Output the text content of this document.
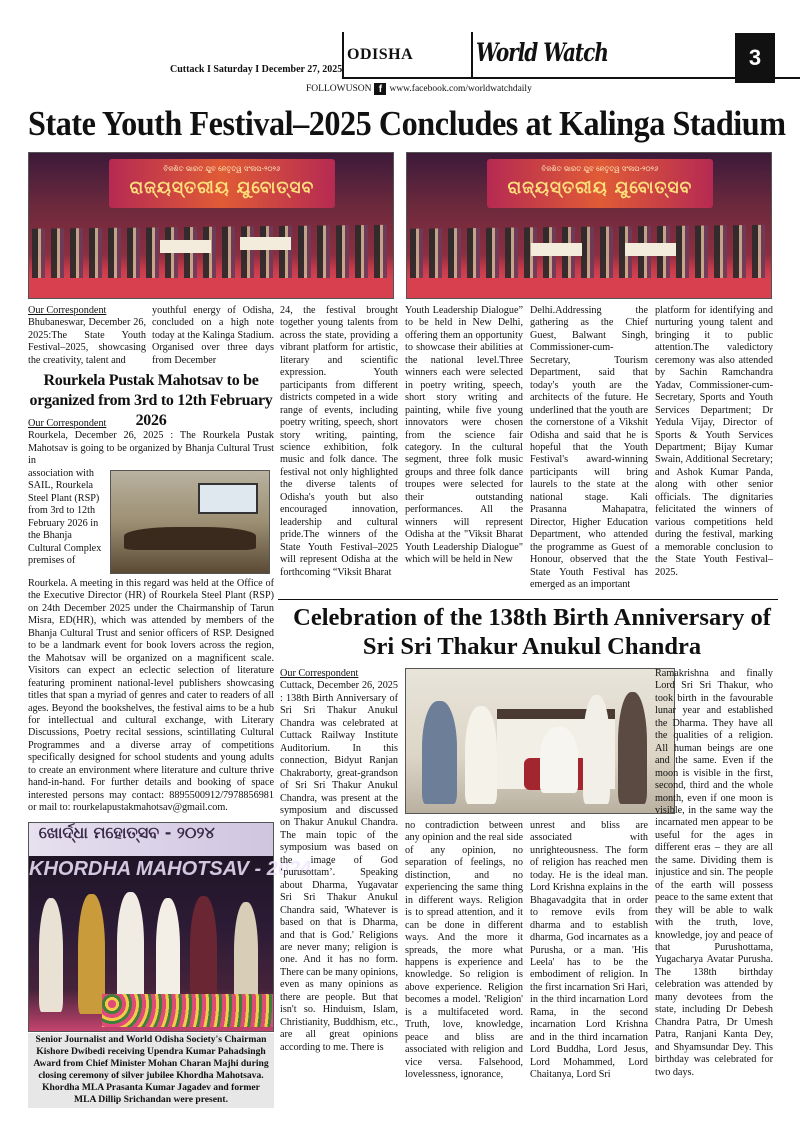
ODISHA
Cuttack I Saturday I December 27, 2025
World Watch	3
FOLLOWUSON f www.facebook.com/worldwatchdaily
State Youth Festival–2025 Concludes at Kalinga Stadium
ବିକଶିତ ଭାରତ ଯୁବ ନେତୃତ୍ୱ ସଂଳାପ-୨୦୨୬
ରାଜ୍ୟସ୍ତରୀୟ ଯୁବୋତ୍ସବ
ବିକଶିତ ଭାରତ ଯୁବ ନେତୃତ୍ୱ ସଂଳାପ-୨୦୨୬
ରାଜ୍ୟସ୍ତରୀୟ ଯୁବୋତ୍ସବ
Our Correspondent
Bhubaneswar, December 26, 2025:The State Youth Festival–2025, showcasing the creativity, talent and
youthful energy of Odisha, concluded on a high note today at the Kalinga Stadium. Organised over three days from December
24, the festival brought together young talents from across the state, providing a vibrant platform for artistic, literary and scientific expression. Youth participants from different districts competed in a wide range of events, including poetry writing, speech, short story writing, painting, science exhibition, folk music and folk dance. The festival not only highlighted the diverse talents of Odisha's youth but also encouraged innovation, leadership and cultural pride.The winners of the State Youth Festival–2025 will represent Odisha at the forthcoming “Viksit Bharat
Youth Leadership Dialogue” to be held in New Delhi, offering them an opportunity to showcase their abilities at the national level.Three winners each were selected in poetry writing, speech, short story writing and painting, while five young innovators were chosen from the science fair category. In the cultural segment, three folk music groups and three folk dance troupes were selected for their outstanding performances. All the winners will represent Odisha at the "Viksit Bharat Youth Leadership Dialogue" which will be held in New
Delhi.Addressing the gathering as the Chief Guest, Balwant Singh, Commissioner-cum-Secretary, Tourism Department, said that today's youth are the architects of the future. He underlined that the youth are the cornerstone of a Vikshit Odisha and said that he is hopeful that the Youth Festival's award-winning participants will bring laurels to the state at the national stage. Kali Prasanna Mahapatra, Director, Higher Education Department, who attended the programme as Guest of Honour, observed that the State Youth Festival has emerged as an important
platform for identifying and nurturing young talent and bringing it to public attention.The valedictory ceremony was also attended by Sachin Ramchandra Yadav, Commissioner-cum-Secretary, Sports and Youth Services Department; Dr Yedula Vijay, Director of Sports & Youth Services Department; Bijay Kumar Swain, Additional Secretary; and Ashok Kumar Panda, along with other senior officials. The dignitaries felicitated the winners of various competitions held during the festival, marking a memorable conclusion to the State Youth Festival–2025.
Rourkela Pustak Mahotsav to be organized from 3rd to 12th February 2026
Our Correspondent
Rourkela, December 26, 2025 : The Rourkela Pustak Mahotsav is going to be organized by Bhanja Cultural Trust in
association with SAIL, Rourkela Steel Plant (RSP) from 3rd to 12th February 2026 in the Bhanja Cultural Complex premises of
Rourkela. A meeting in this regard was held at the Office of the Executive Director (HR) of Rourkela Steel Plant (RSP) on 24th December 2025 under the Chairmanship of Tarun Misra, ED(HR), which was attended by members of the Bhanja Cultural Trust and senior officers of RSP. Designed to be a landmark event for book lovers across the region, the Mahotsav will be organized on a magnificent scale. Visitors can expect an eclectic selection of literature featuring prominent national-level publishers showcasing titles that span a myriad of genres and cater to readers of all ages. Beyond the bookshelves, the festival aims to be a hub for intellectual and cultural exchange, with Literary Discussions, Poetry recital sessions, scintillating Cultural Programmes and a diverse array of competitions specifically designed for school students and young adults to create an environment where literature and culture thrive hand-in-hand. For further details and booking of space interested persons may contact: 8895500912/7978856981 or mail to: rourkelapustakmahotsav@gmail.com.
ଖୋର୍ଦ୍ଧା ମହୋତ୍ସବ - ୨୦୨୪
KHORDHA MAHOTSAV - 2024
Senior Journalist and World Odisha Society's Chairman Kishore Dwibedi receiving Upendra Kumar Pahadsingh Award from Chief Minister Mohan Charan Majhi during closing ceremony of silver jubilee Khordha Mahotsava. Khordha MLA Prasanta Kumar Jagadev and former MLA Dillip Srichandan were present.
Celebration of the 138th Birth Anniversary of Sri Sri Thakur Anukul Chandra
Our Correspondent
Cuttack, December 26, 2025 : 138th Birth Anniversary of Sri Sri Thakur Anukul Chandra was celebrated at Cuttack Railway Institute Auditorium. In this connection, Bidyut Ranjan Chakraborty, great-grandson of Sri Sri Thakur Anukul Chandra, was present at the symposium and discussed on Thakur Anukul Chandra. The main topic of the symposium was based on the image of God ‘purusottam’. Speaking about Dharma, Yugavatar Sri Sri Thakur Anukul Chandra said, 'Whatever is based on that is Dharma, and that is God.' Religions are never many; religion is one. And it has no form. There can be many opinions, even as many opinions as there are people. But that isn't so. Hinduism, Islam, Christianity, Buddhism, etc., are all great opinions according to me. There is
no contradiction between any opinion and the real side of any opinion, no separation of feelings, no distinction, and no experiencing the same thing in different ways. Religion is to spread attention, and it can be done in different ways. And the more it spreads, the more what happens is experience and knowledge. So religion is above experience. Religion becomes a model. 'Religion' is a multifaceted word. Truth, love, knowledge, peace and bliss are associated with religion and vice versa. Falsehood, lovelessness, ignorance,
unrest and bliss are associated with unrighteousness. The form of religion has reached men today. He is the ideal man. Lord Krishna explains in the Bhagavadgita that in order to remove evils from dharma and to establish dharma, God incarnates as a Purusha, or a man. 'His Leela' has to be the embodiment of religion. In the first incarnation Sri Hari, in the third incarnation Lord Rama, in the second incarnation Lord Krishna and in the third incarnation Lord Buddha, Lord Jesus, Lord Mohammed, Lord Chaitanya, Lord Sri
Ramakrishna and finally Lord Sri Sri Thakur, who took birth in the favourable lunar year and established the Dharma. They have all the qualities of a religion. All human beings are one and the same. Even if the moon is visible in the first, second, third and the whole month, even if one moon is visible, in the same way the incarnated men appear to be useful for the ages in different eras – they are all the same. Dividing them is injustice and sin. The people of the earth will possess peace to the same extent that they will be able to walk with the truth, love, knowledge, joy and peace of that Purushottama, Yugacharya Avatar Purusha. The 138th birthday celebration was attended by many devotees from the state, including Dr Debesh Chandra Patra, Dr Umesh Patra, Ranjani Kanta Dey, and Shyamsundar Dey. This birthday was celebrated for two days.
